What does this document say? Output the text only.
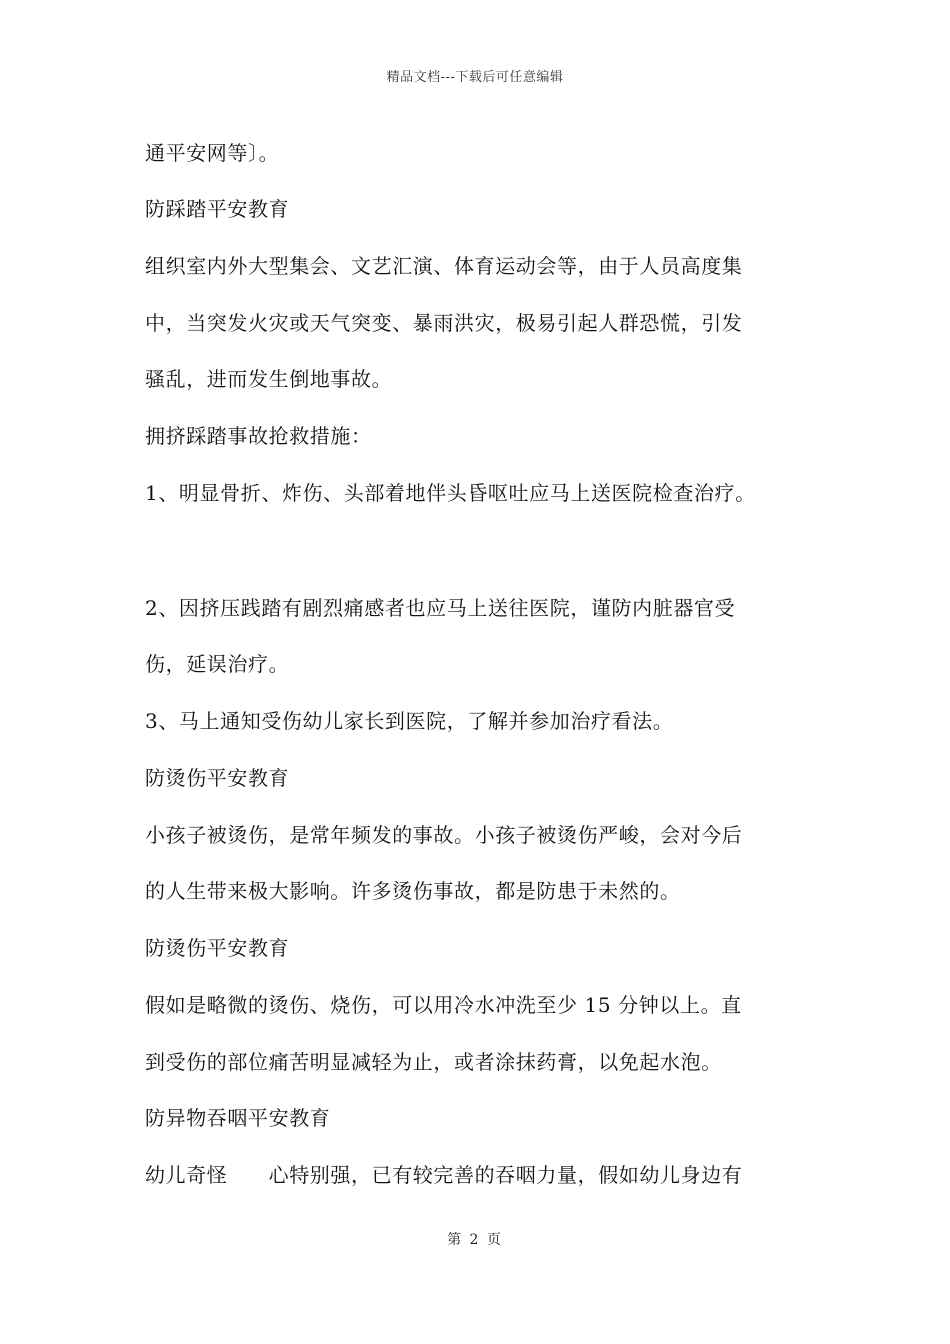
精品文档---下载后可任意编辑
通平安网等〕。
防踩踏平安教育
组织室内外大型集会、文艺汇演、体育运动会等，由于人员高度集
中，当突发火灾或天气突变、暴雨洪灾，极易引起人群恐慌，引发
骚乱，进而发生倒地事故。
拥挤踩踏事故抢救措施：
1、明显骨折、炸伤、头部着地伴头昏呕吐应马上送医院检查治疗。
2、因挤压践踏有剧烈痛感者也应马上送往医院，谨防内脏器官受
伤，延误治疗。
3、马上通知受伤幼儿家长到医院，了解并参加治疗看法。
防烫伤平安教育
小孩子被烫伤，是常年频发的事故。小孩子被烫伤严峻，会对今后
的人生带来极大影响。许多烫伤事故，都是防患于未然的。
防烫伤平安教育
假如是略微的烫伤、烧伤，可以用冷水冲洗至少 15 分钟以上。直
到受伤的部位痛苦明显减轻为止，或者涂抹药膏，以免起水泡。
防异物吞咽平安教育
幼儿奇怪　　心特别强，已有较完善的吞咽力量，假如幼儿身边有
第 2 页
